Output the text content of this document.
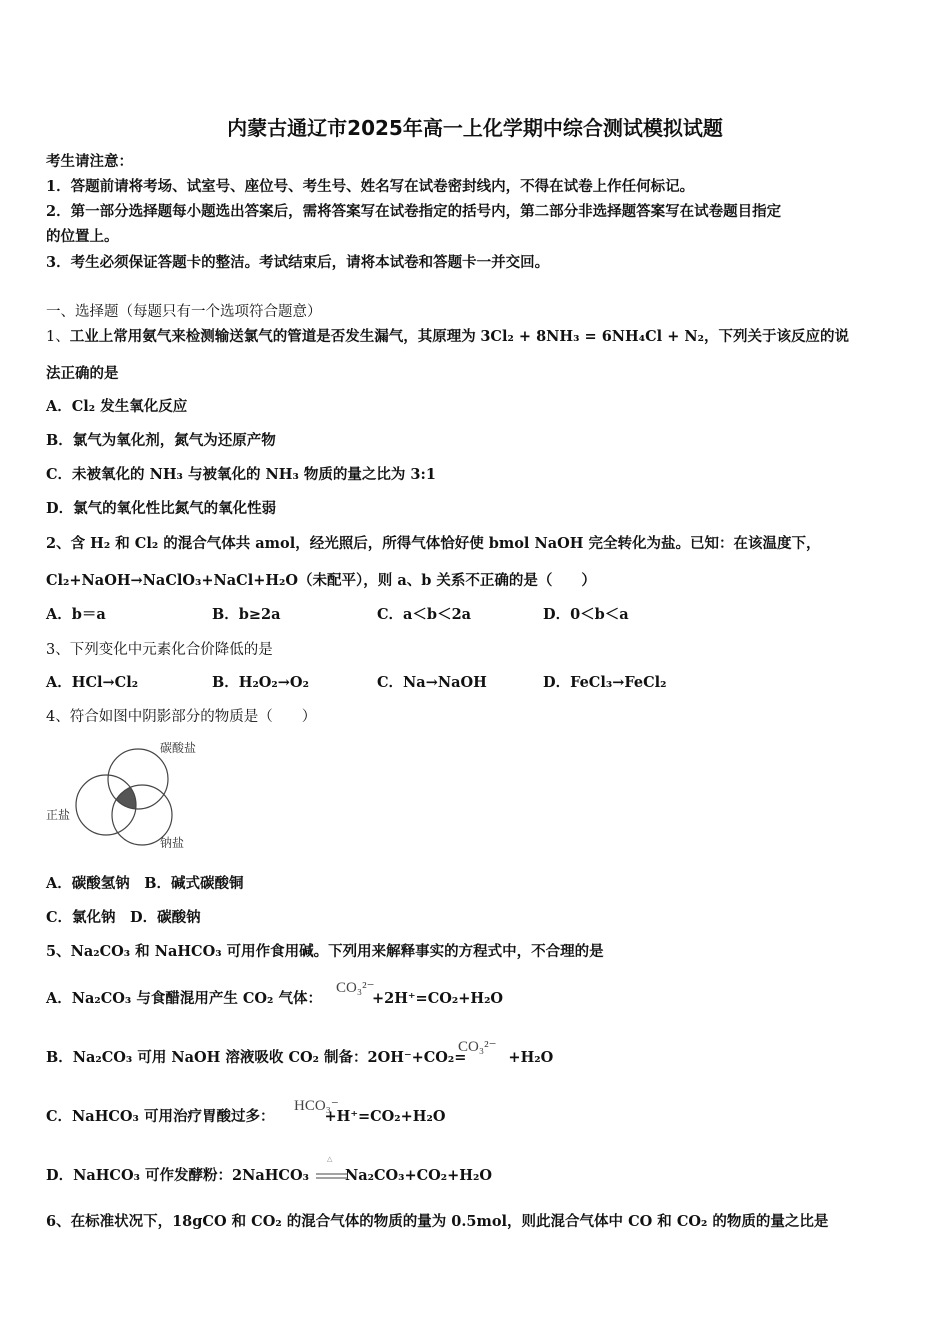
内蒙古通辽市2025年高一上化学期中综合测试模拟试题
考生请注意：
1．答题前请将考场、试室号、座位号、考生号、姓名写在试卷密封线内，不得在试卷上作任何标记。
2．第一部分选择题每小题选出答案后，需将答案写在试卷指定的括号内，第二部分非选择题答案写在试卷题目指定
的位置上。
3．考生必须保证答题卡的整洁。考试结束后，请将本试卷和答题卡一并交回。
一、选择题（每题只有一个选项符合题意）
1、工业上常用氨气来检测输送氯气的管道是否发生漏气，其原理为 3Cl₂ + 8NH₃ = 6NH₄Cl + N₂，下列关于该反应的说
法正确的是
A．Cl₂ 发生氧化反应
B．氯气为氧化剂，氮气为还原产物
C．未被氧化的 NH₃ 与被氧化的 NH₃ 物质的量之比为 3:1
D．氯气的氧化性比氮气的氧化性弱
2、含 H₂ 和 Cl₂ 的混合气体共 amol，经光照后，所得气体恰好使 bmol NaOH 完全转化为盐。已知：在该温度下，
Cl₂+NaOH→NaClO₃+NaCl+H₂O（未配平），则 a、b 关系不正确的是（　　）
A．b＝a	B．b≥2a	C．a＜b＜2a	D．0＜b＜a
3、下列变化中元素化合价降低的是
A．HCl→Cl₂	B．H₂O₂→O₂	C．Na→NaOH	D．FeCl₃→FeCl₂
4、符合如图中阴影部分的物质是（　　）
碳酸盐
正盐
钠盐
A．碳酸氢钠　B．碱式碳酸铜
C．氯化钠　D．碳酸钠
5、Na₂CO₃ 和 NaHCO₃ 可用作食用碱。下列用来解释事实的方程式中，不合理的是
A．Na₂CO₃ 与食醋混用产生 CO₂ 气体：	+2H⁺=CO₂+H₂O
CO₃²⁻
B．Na₂CO₃ 可用 NaOH 溶液吸收 CO₂ 制备：2OH⁻+CO₂=	+H₂O
CO₃²⁻
C．NaHCO₃ 可用治疗胃酸过多：	+H⁺=CO₂+H₂O
HCO₃⁻
D．NaHCO₃ 可作发酵粉：2NaHCO₃ Na₂CO₃+CO₂+H₂O
△
6、在标准状况下，18gCO 和 CO₂ 的混合气体的物质的量为 0.5mol，则此混合气体中 CO 和 CO₂ 的物质的量之比是
